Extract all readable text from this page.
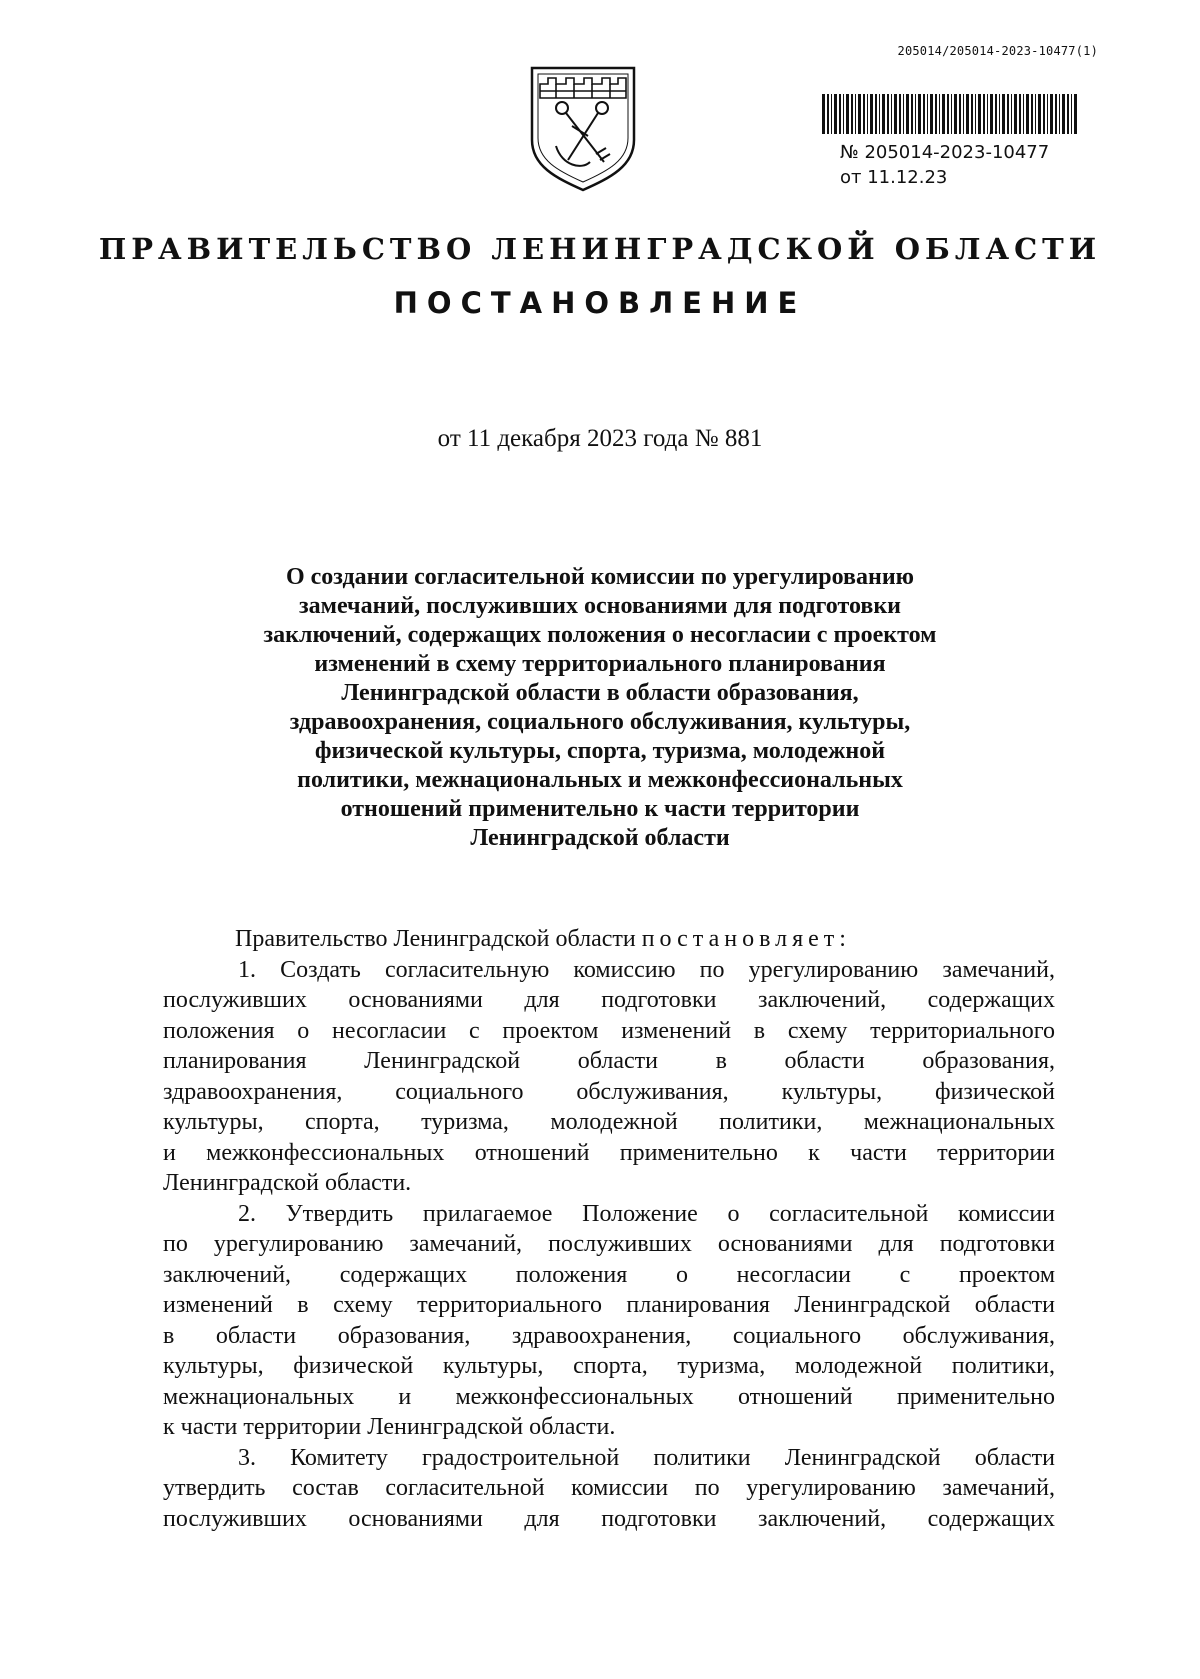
205014/205014-2023-10477(1)
№ 205014-2023-10477
от 11.12.23
ПРАВИТЕЛЬСТВО ЛЕНИНГРАДСКОЙ ОБЛАСТИ
ПОСТАНОВЛЕНИЕ
от 11 декабря 2023 года № 881
О создании согласительной комиссии по урегулированию
замечаний, послуживших основаниями для подготовки
заключений, содержащих положения о несогласии с проектом
изменений в схему территориального планирования
Ленинградской области в области образования,
здравоохранения, социального обслуживания, культуры,
физической культуры, спорта, туризма, молодежной
политики, межнациональных и межконфессиональных
отношений применительно к части территории
Ленинградской области
Правительство Ленинградской области постановляет:
1. Создать согласительную комиссию по урегулированию замечаний,
послуживших основаниями для подготовки заключений, содержащих
положения о несогласии с проектом изменений в схему территориального
планирования Ленинградской области в области образования,
здравоохранения, социального обслуживания, культуры, физической
культуры, спорта, туризма, молодежной политики, межнациональных
и межконфессиональных отношений применительно к части территории
Ленинградской области.
2. Утвердить прилагаемое Положение о согласительной комиссии
по урегулированию замечаний, послуживших основаниями для подготовки
заключений, содержащих положения о несогласии с проектом
изменений в схему территориального планирования Ленинградской области
в области образования, здравоохранения, социального обслуживания,
культуры, физической культуры, спорта, туризма, молодежной политики,
межнациональных и межконфессиональных отношений применительно
к части территории Ленинградской области.
3. Комитету градостроительной политики Ленинградской области
утвердить состав согласительной комиссии по урегулированию замечаний,
послуживших основаниями для подготовки заключений, содержащих
